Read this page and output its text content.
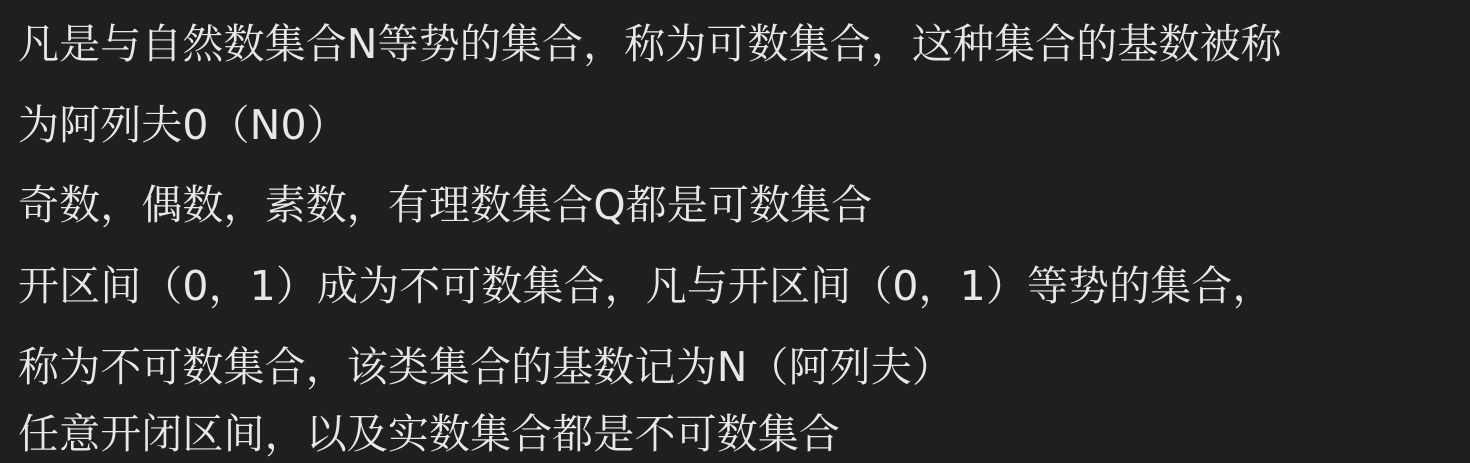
凡是与自然数集合N等势的集合，称为可数集合，这种集合的基数被称

为阿列夫0（N0）

奇数，偶数，素数，有理数集合Q都是可数集合

开区间（0，1）成为不可数集合，凡与开区间（0，1）等势的集合，

称为不可数集合，该类集合的基数记为N（阿列夫）

任意开闭区间，以及实数集合都是不可数集合
